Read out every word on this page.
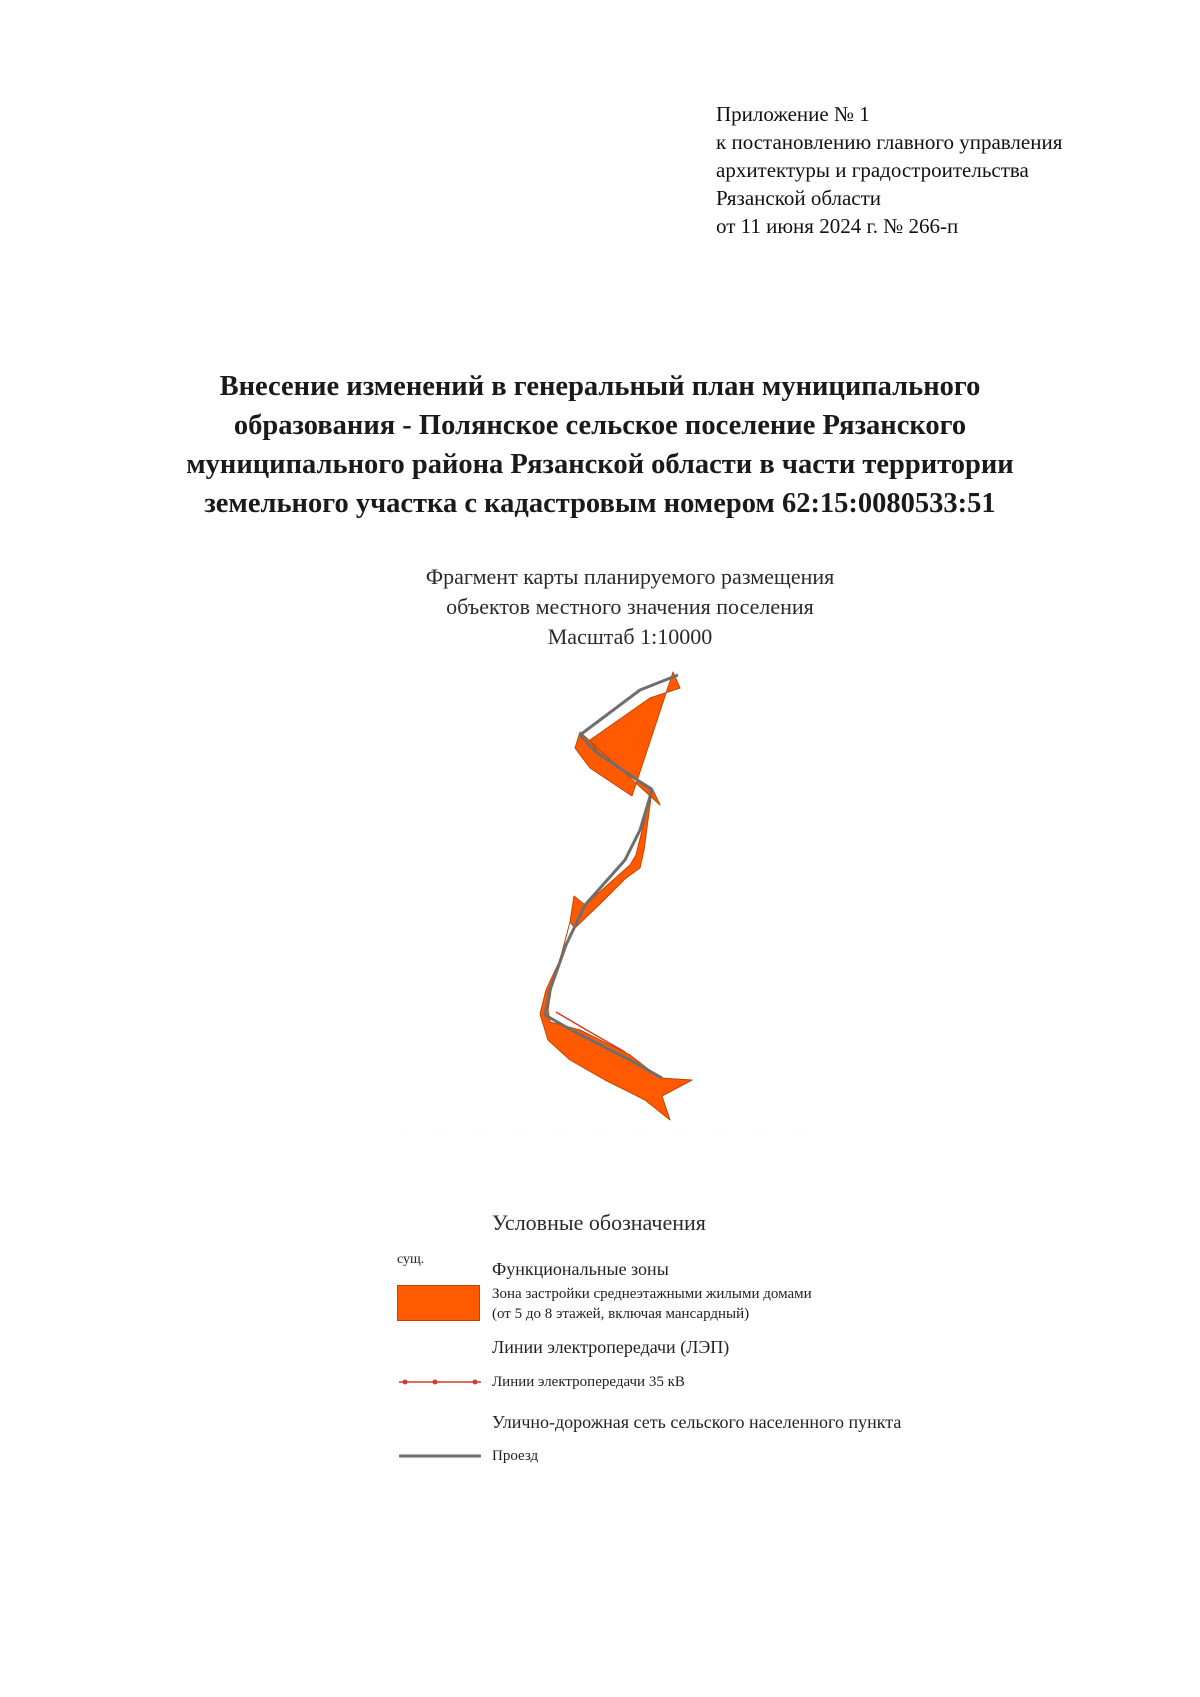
Приложение № 1
к постановлению главного управления
архитектуры и градостроительства
Рязанской области
от 11 июня 2024 г. № 266-п
Внесение изменений в генеральный план муниципального
образования - Полянское сельское поселение Рязанского
муниципального района Рязанской области в части территории
земельного участка с кадастровым номером 62:15:0080533:51
Фрагмент карты планируемого размещения
объектов местного значения поселения
Масштаб 1:10000
Условные обозначения
сущ.	Функциональные зоны
Зона застройки среднеэтажными жилыми домами
(от 5 до 8 этажей, включая мансардный)
Линии электропередачи (ЛЭП)
Линии электропередачи 35 кВ
Улично-дорожная сеть сельского населенного пункта
Проезд
